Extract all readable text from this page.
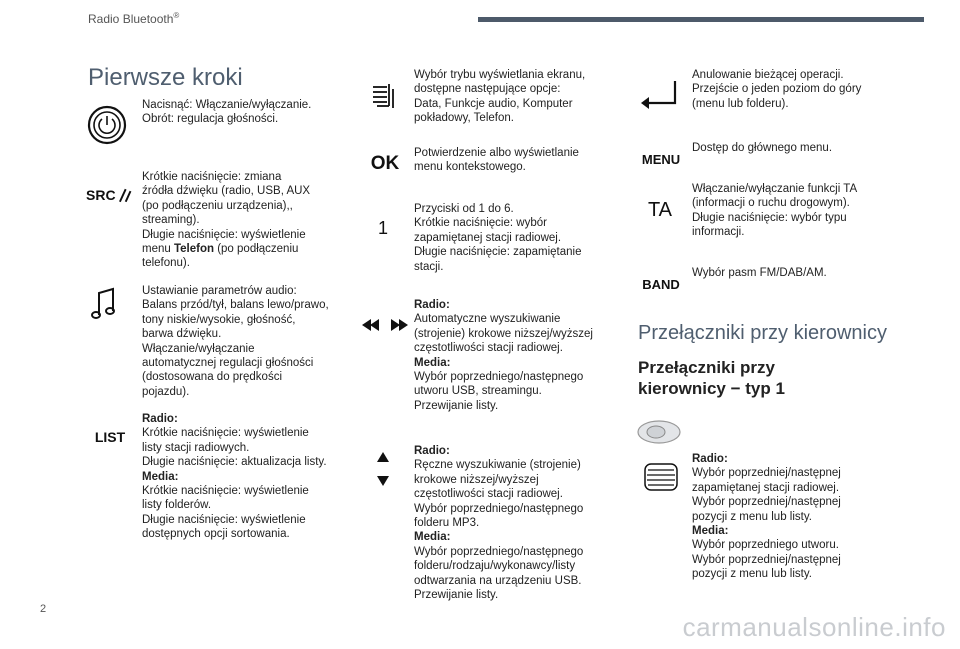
Radio Bluetooth®
Pierwsze kroki
Nacisnąć: Włączanie/wyłączanie.
Obrót: regulacja głośności.
SRC
Krótkie naciśnięcie: zmiana
źródła dźwięku (radio, USB, AUX
(po podłączeniu urządzenia),,
streaming).
Długie naciśnięcie: wyświetlenie
menu Telefon (po podłączeniu
telefonu).
Ustawianie parametrów audio:
Balans przód/tył, balans lewo/prawo,
tony niskie/wysokie, głośność,
barwa dźwięku.
Włączanie/wyłączanie
automatycznej regulacji głośności
(dostosowana do prędkości
pojazdu).
LIST
Radio:
Krótkie naciśnięcie: wyświetlenie
listy stacji radiowych.
Długie naciśnięcie: aktualizacja listy.
Media:
Krótkie naciśnięcie: wyświetlenie
listy folderów.
Długie naciśnięcie: wyświetlenie
dostępnych opcji sortowania.
Wybór trybu wyświetlania ekranu,
dostępne następujące opcje:
Data, Funkcje audio, Komputer
pokładowy, Telefon.
OK Potwierdzenie albo wyświetlanie
menu kontekstowego.
1
Przyciski od 1 do 6.
Krótkie naciśnięcie: wybór
zapamiętanej stacji radiowej.
Długie naciśnięcie: zapamiętanie
stacji.
Radio:
Automatyczne wyszukiwanie
(strojenie) krokowe niższej/wyższej
częstotliwości stacji radiowej.
Media:
Wybór poprzedniego/następnego
utworu USB, streamingu.
Przewijanie listy.
Radio:
Ręczne wyszukiwanie (strojenie)
krokowe niższej/wyższej
częstotliwości stacji radiowej.
Wybór poprzedniego/następnego
folderu MP3.
Media:
Wybór poprzedniego/następnego
folderu/rodzaju/wykonawcy/listy
odtwarzania na urządzeniu USB.
Przewijanie listy.
Anulowanie bieżącej operacji.
Przejście o jeden poziom do góry
(menu lub folderu).
MENU
Dostęp do głównego menu.
TA
Włączanie/wyłączanie funkcji TA
(informacji o ruchu drogowym).
Długie naciśnięcie: wybór typu
informacji.
BAND
Wybór pasm FM/DAB/AM.
Przełączniki przy kierownicy
Przełączniki przy kierownicy − typ 1
Radio:
Wybór poprzedniej/następnej
zapamiętanej stacji radiowej.
Wybór poprzedniej/następnej
pozycji z menu lub listy.
Media:
Wybór poprzedniego utworu.
Wybór poprzedniej/następnej
pozycji z menu lub listy.
2
carmanualsonline.info
